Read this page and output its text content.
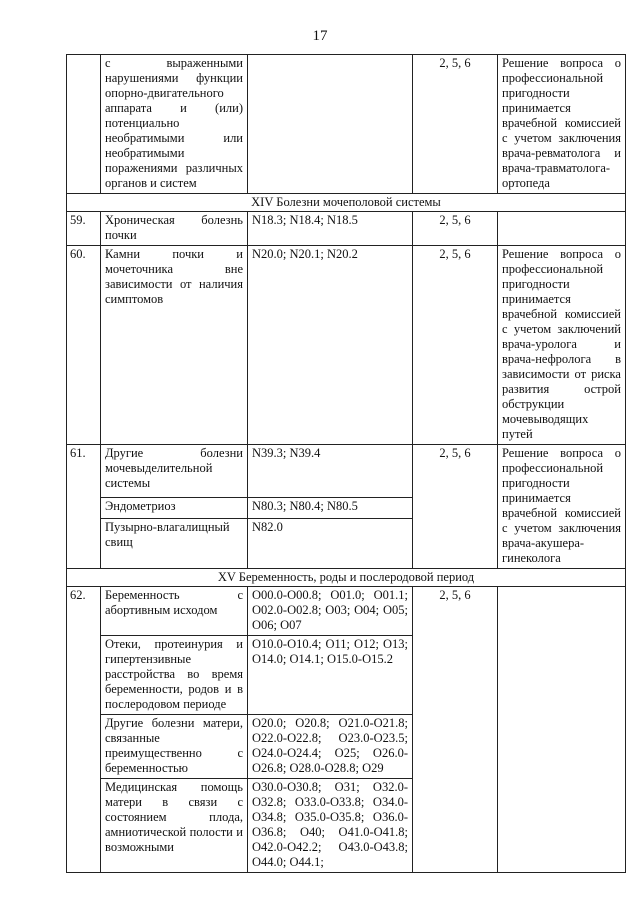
17
	с выраженными нарушениями функции опорно-двигательного аппарата и (или) потенциально необратимыми или необратимыми поражениями различных органов и систем		2, 5, 6	Решение вопроса о профессиональной пригодности принимается врачебной комиссией с учетом заключения врача-ревматолога и врача-травматолога-ортопеда
XIV Болезни мочеполовой системы				
59.	Хроническая болезнь почки	N18.3; N18.4; N18.5	2, 5, 6	
60.	Камни почки и мочеточника вне зависимости от наличия симптомов	N20.0; N20.1; N20.2	2, 5, 6	Решение вопроса о профессиональной пригодности принимается врачебной комиссией с учетом заключений врача-уролога и врача-нефролога в зависимости от риска развития острой обструкции мочевыводящих путей
61.	Другие болезни мочевыделительной системы	N39.3; N39.4	2, 5, 6	Решение вопроса о профессиональной пригодности принимается врачебной комиссией с учетом заключения врача-акушера-гинеколога
	Эндометриоз	N80.3; N80.4; N80.5		
	Пузырно-влагалищный свищ	N82.0		
XV Беременность, роды и послеродовой период				
62.	Беременность с абортивным исходом	O00.0-O00.8; O01.0; O01.1; O02.0-O02.8; O03; O04; O05; O06; O07	2, 5, 6	
	Отеки, протеинурия и гипертензивные расстройства во время беременности, родов и в послеродовом периоде	O10.0-O10.4; O11; O12; O13; O14.0; O14.1; O15.0-O15.2		
	Другие болезни матери, связанные преимущественно с беременностью	O20.0; O20.8; O21.0-O21.8; O22.0-O22.8; O23.0-O23.5; O24.0-O24.4; O25; O26.0-O26.8; O28.0-O28.8; O29		
	Медицинская помощь матери в связи с состоянием плода, амниотической полости и возможными	O30.0-O30.8; O31; O32.0-O32.8; O33.0-O33.8; O34.0-O34.8; O35.0-O35.8; O36.0-O36.8; O40; O41.0-O41.8; O42.0-O42.2; O43.0-O43.8; O44.0; O44.1;		
